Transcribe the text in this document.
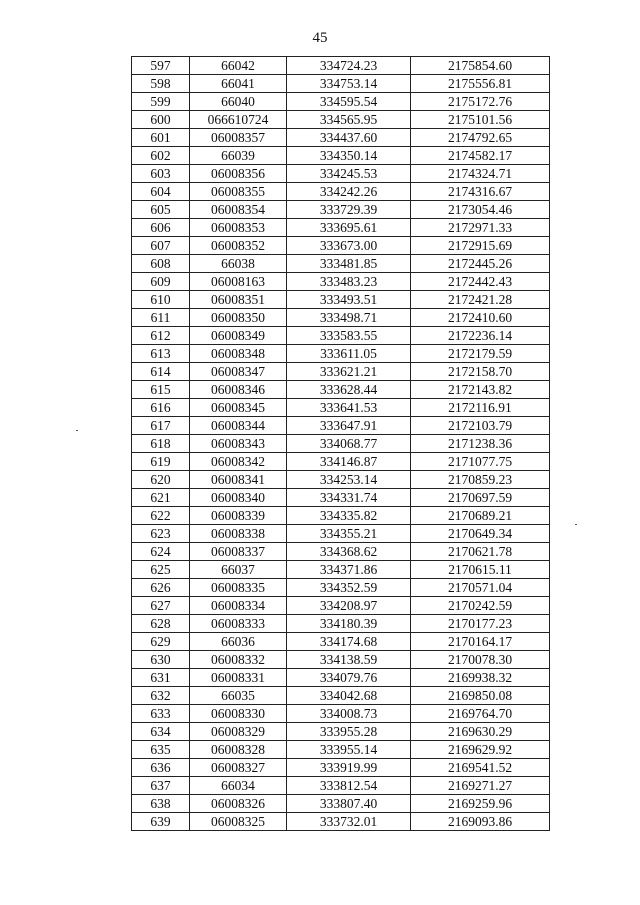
45
597	66042	334724.23	2175854.60
598	66041	334753.14	2175556.81
599	66040	334595.54	2175172.76
600	066610724	334565.95	2175101.56
601	06008357	334437.60	2174792.65
602	66039	334350.14	2174582.17
603	06008356	334245.53	2174324.71
604	06008355	334242.26	2174316.67
605	06008354	333729.39	2173054.46
606	06008353	333695.61	2172971.33
607	06008352	333673.00	2172915.69
608	66038	333481.85	2172445.26
609	06008163	333483.23	2172442.43
610	06008351	333493.51	2172421.28
611	06008350	333498.71	2172410.60
612	06008349	333583.55	2172236.14
613	06008348	333611.05	2172179.59
614	06008347	333621.21	2172158.70
615	06008346	333628.44	2172143.82
616	06008345	333641.53	2172116.91
617	06008344	333647.91	2172103.79
618	06008343	334068.77	2171238.36
619	06008342	334146.87	2171077.75
620	06008341	334253.14	2170859.23
621	06008340	334331.74	2170697.59
622	06008339	334335.82	2170689.21
623	06008338	334355.21	2170649.34
624	06008337	334368.62	2170621.78
625	66037	334371.86	2170615.11
626	06008335	334352.59	2170571.04
627	06008334	334208.97	2170242.59
628	06008333	334180.39	2170177.23
629	66036	334174.68	2170164.17
630	06008332	334138.59	2170078.30
631	06008331	334079.76	2169938.32
632	66035	334042.68	2169850.08
633	06008330	334008.73	2169764.70
634	06008329	333955.28	2169630.29
635	06008328	333955.14	2169629.92
636	06008327	333919.99	2169541.52
637	66034	333812.54	2169271.27
638	06008326	333807.40	2169259.96
639	06008325	333732.01	2169093.86
